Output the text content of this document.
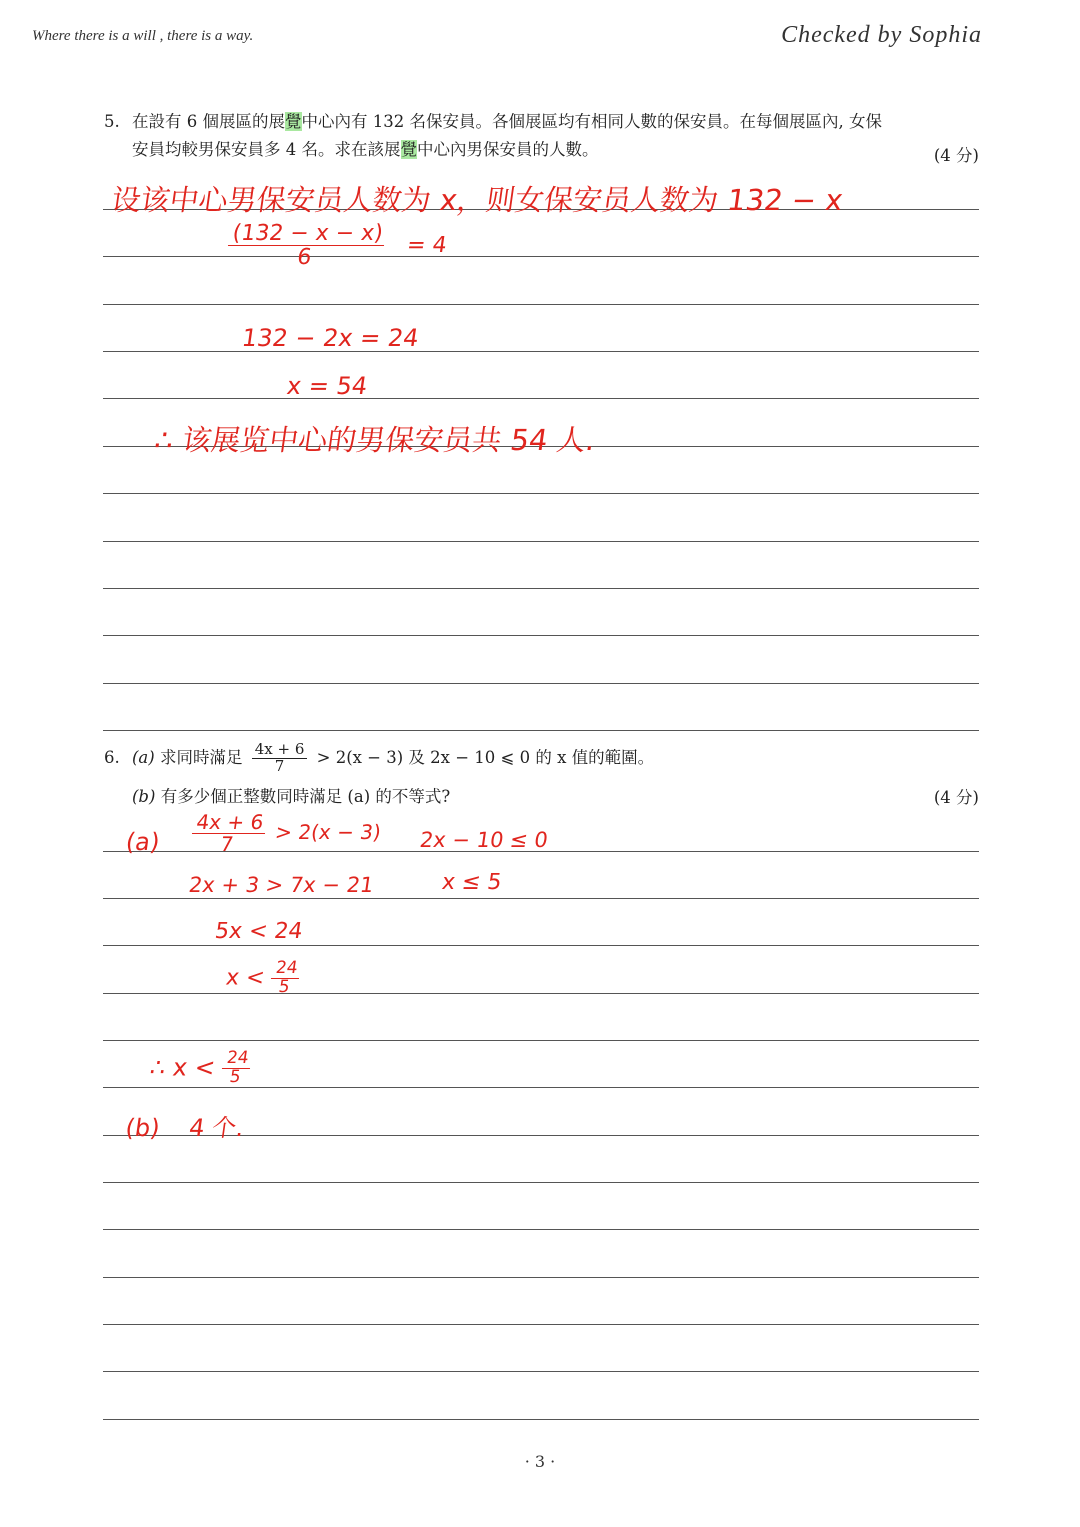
Where there is a will , there is a way.	Checked by Sophia
5. 在設有 6 個展區的展覺中心內有 132 名保安員。各個展區均有相同人數的保安員。在每個展區內, 女保
安員均較男保安員多 4 名。求在該展覺中心內男保安員的人數。	(4 分)
设该中心男保安员人数为 x，则女保安员人数为 132 − x
$\frac{(132 - x - x)}{6} = 4$
132 − 2x = 24
x = 54
∴ 该展览中心的男保安员共 54 人.
6. (a) 求同時滿足 $\frac{4x + 6}{7} > 2(x - 3)$ 及 2x − 10 ⩽ 0 的 x 值的範圍。
(b) 有多少個正整數同時滿足 (a) 的不等式?	(4 分)
$(a) \frac{4x + 6}{7} > 2(x - 3) 2x - 10 \le 0$
2x + 3 > 7x − 21	x ≤ 5
5x < 24
$x < \frac{24}{5}$
∴ $x < \frac{24}{5}$
(b) 4 个.
· 3 ·
